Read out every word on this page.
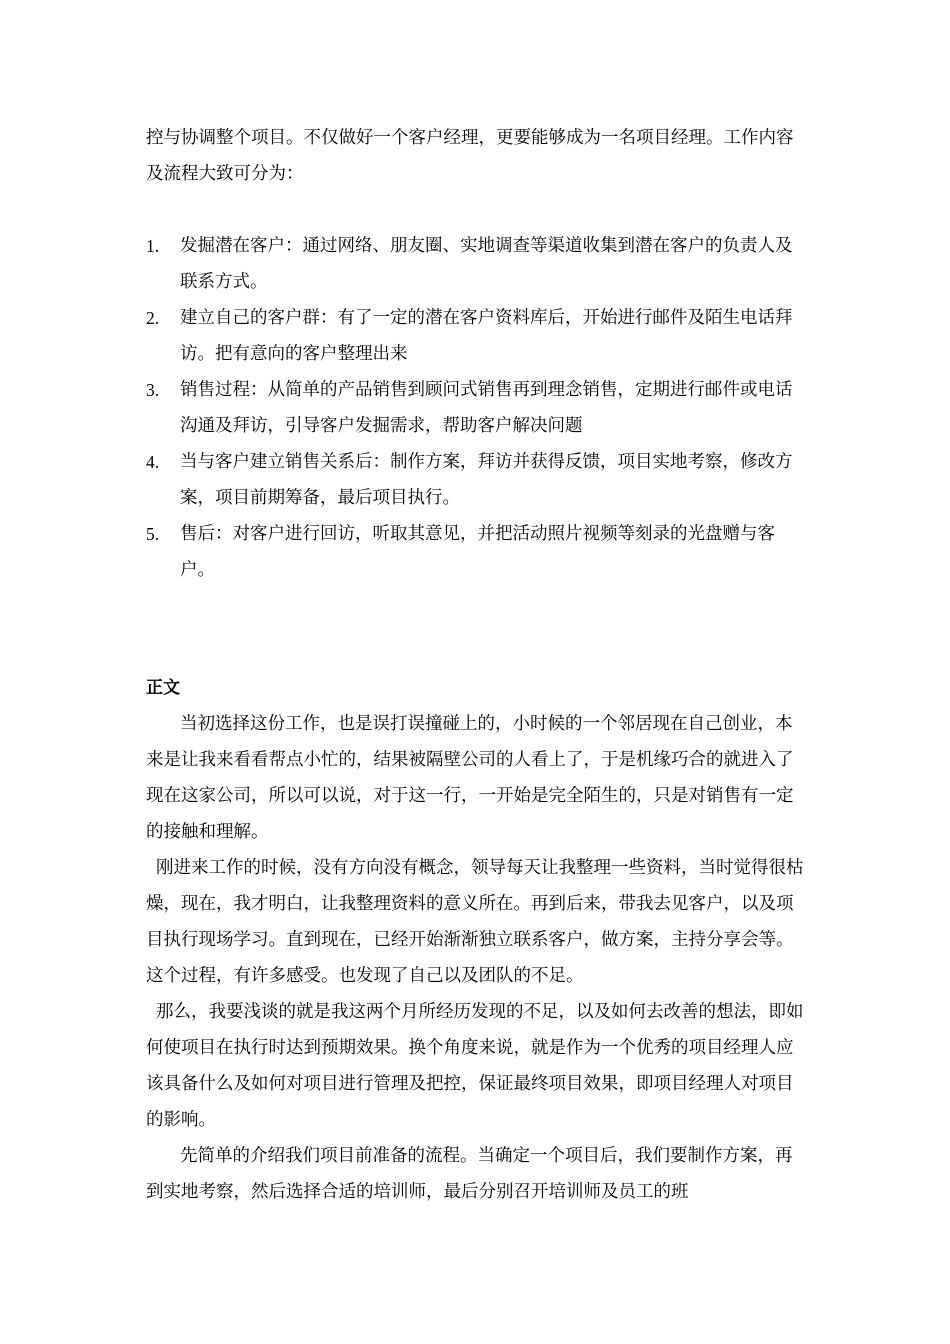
控与协调整个项目。不仅做好一个客户经理，更要能够成为一名项目经理。工作内容及流程大致可分为：

1. 发掘潜在客户：通过网络、朋友圈、实地调查等渠道收集到潜在客户的负责人及联系方式。
2. 建立自己的客户群：有了一定的潜在客户资料库后，开始进行邮件及陌生电话拜访。把有意向的客户整理出来
3. 销售过程：从简单的产品销售到顾问式销售再到理念销售，定期进行邮件或电话沟通及拜访，引导客户发掘需求，帮助客户解决问题
4. 当与客户建立销售关系后：制作方案，拜访并获得反馈，项目实地考察，修改方案，项目前期筹备，最后项目执行。
5. 售后：对客户进行回访，听取其意见，并把活动照片视频等刻录的光盘赠与客户。
正文

当初选择这份工作，也是误打误撞碰上的，小时候的一个邻居现在自己创业，本来是让我来看看帮点小忙的，结果被隔壁公司的人看上了，于是机缘巧合的就进入了现在这家公司，所以可以说，对于这一行，一开始是完全陌生的，只是对销售有一定的接触和理解。

刚进来工作的时候，没有方向没有概念，领导每天让我整理一些资料，当时觉得很枯燥，现在，我才明白，让我整理资料的意义所在。再到后来，带我去见客户，以及项目执行现场学习。直到现在，已经开始渐渐独立联系客户，做方案，主持分享会等。这个过程，有许多感受。也发现了自己以及团队的不足。

那么，我要浅谈的就是我这两个月所经历发现的不足，以及如何去改善的想法，即如何使项目在执行时达到预期效果。换个角度来说，就是作为一个优秀的项目经理人应该具备什么及如何对项目进行管理及把控，保证最终项目效果，即项目经理人对项目的影响。

先简单的介绍我们项目前准备的流程。当确定一个项目后，我们要制作方案，再到实地考察，然后选择合适的培训师，最后分别召开培训师及员工的班
